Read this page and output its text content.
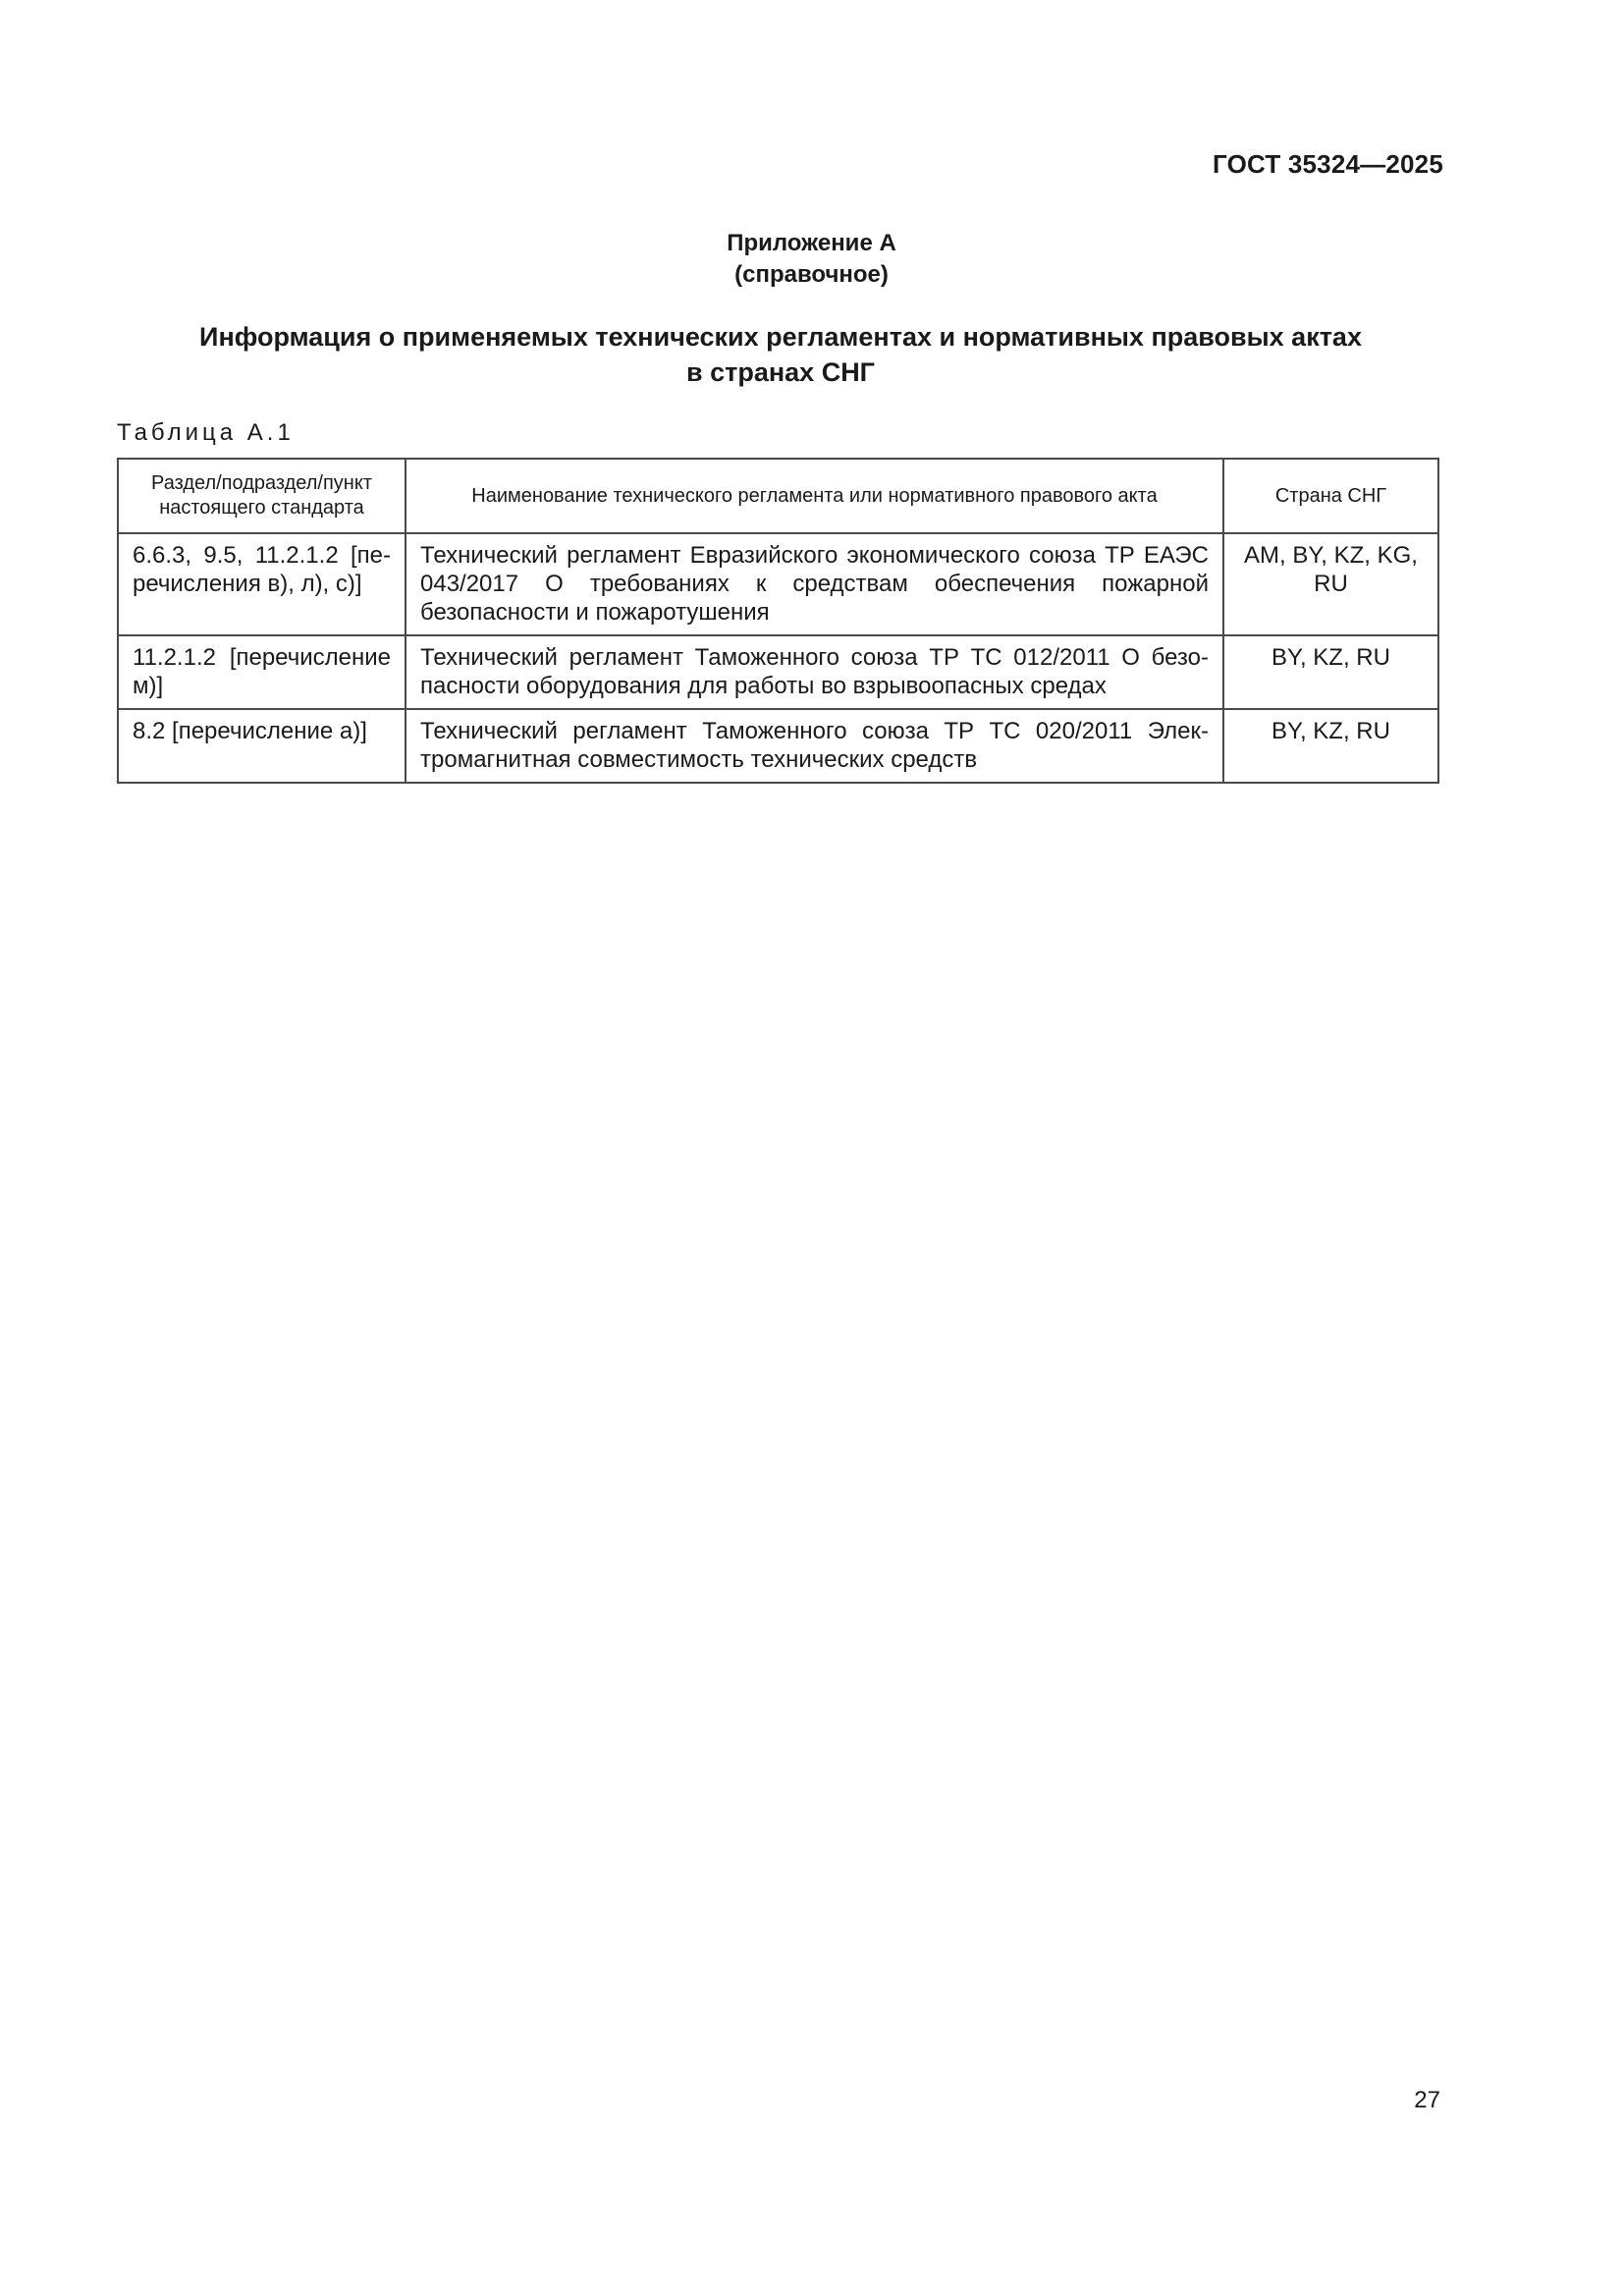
ГОСТ 35324—2025
Приложение А
(справочное)
Информация о применяемых технических регламентах и нормативных правовых актах
в странах СНГ
Таблица А.1
Раздел/подраздел/пункт настоящего стандарта	Наименование технического регламента или нормативного правового акта	Страна СНГ
6.6.3, 9.5, 11.2.1.2 [перечисления в), л), с)]	Технический регламент Евразийского экономического союза ТР ЕАЭС 043/2017 О требованиях к средствам обеспечения пожарной безопасности и пожаротушения	AM, BY, KZ, KG, RU
11.2.1.2 [перечисление м)]	Технический регламент Таможенного союза ТР ТС 012/2011 О безопасности оборудования для работы во взрывоопасных средах	BY, KZ, RU
8.2 [перечисление а)]	Технический регламент Таможенного союза ТР ТС 020/2011 Электромагнитная совместимость технических средств	BY, KZ, RU
27
